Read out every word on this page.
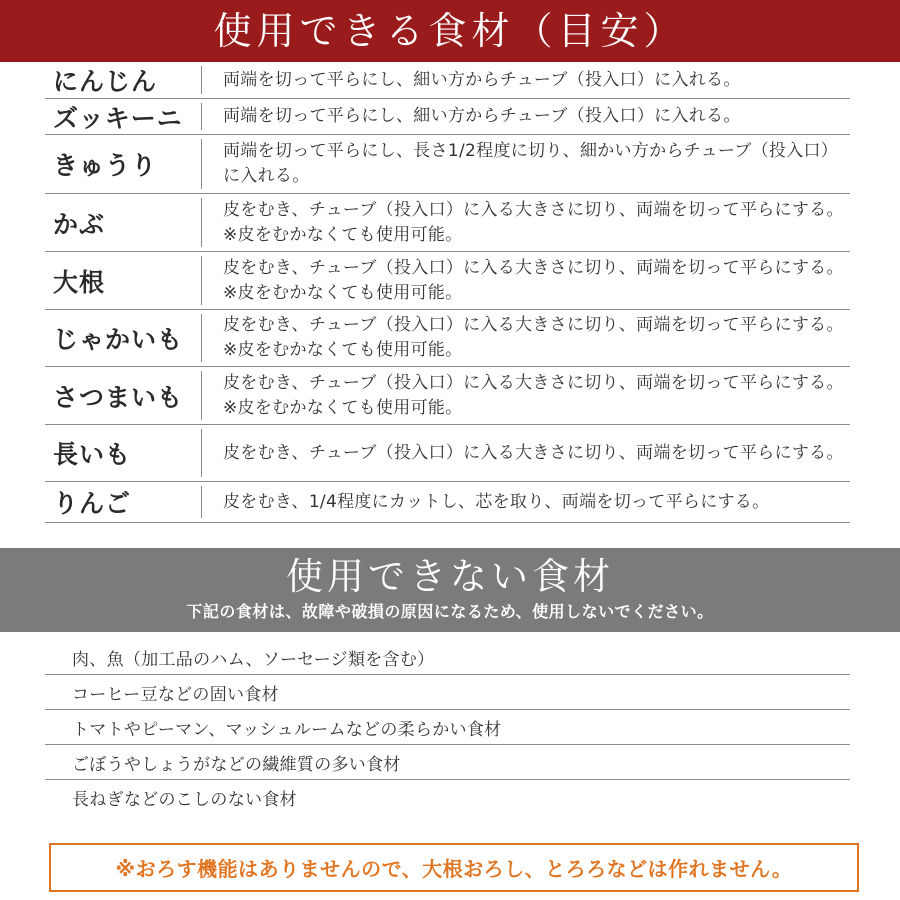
使用できる食材（目安）
にんじん	両端を切って平らにし、細い方からチューブ（投入口）に入れる。
ズッキーニ	両端を切って平らにし、細い方からチューブ（投入口）に入れる。
きゅうり	両端を切って平らにし、長さ1/2程度に切り、細かい方からチューブ（投入口）に入れる。
かぶ	皮をむき、チューブ（投入口）に入る大きさに切り、両端を切って平らにする。※皮をむかなくても使用可能。
大根	皮をむき、チューブ（投入口）に入る大きさに切り、両端を切って平らにする。※皮をむかなくても使用可能。
じゃかいも	皮をむき、チューブ（投入口）に入る大きさに切り、両端を切って平らにする。※皮をむかなくても使用可能。
さつまいも	皮をむき、チューブ（投入口）に入る大きさに切り、両端を切って平らにする。※皮をむかなくても使用可能。
長いも	皮をむき、チューブ（投入口）に入る大きさに切り、両端を切って平らにする。
りんご	皮をむき、1/4程度にカットし、芯を取り、両端を切って平らにする。
使用できない食材
下記の食材は、故障や破損の原因になるため、使用しないでください。
肉、魚（加工品のハム、ソーセージ類を含む）
コーヒー豆などの固い食材
トマトやピーマン、マッシュルームなどの柔らかい食材
ごぼうやしょうがなどの繊維質の多い食材
長ねぎなどのこしのない食材
※おろす機能はありませんので、大根おろし、とろろなどは作れません。
